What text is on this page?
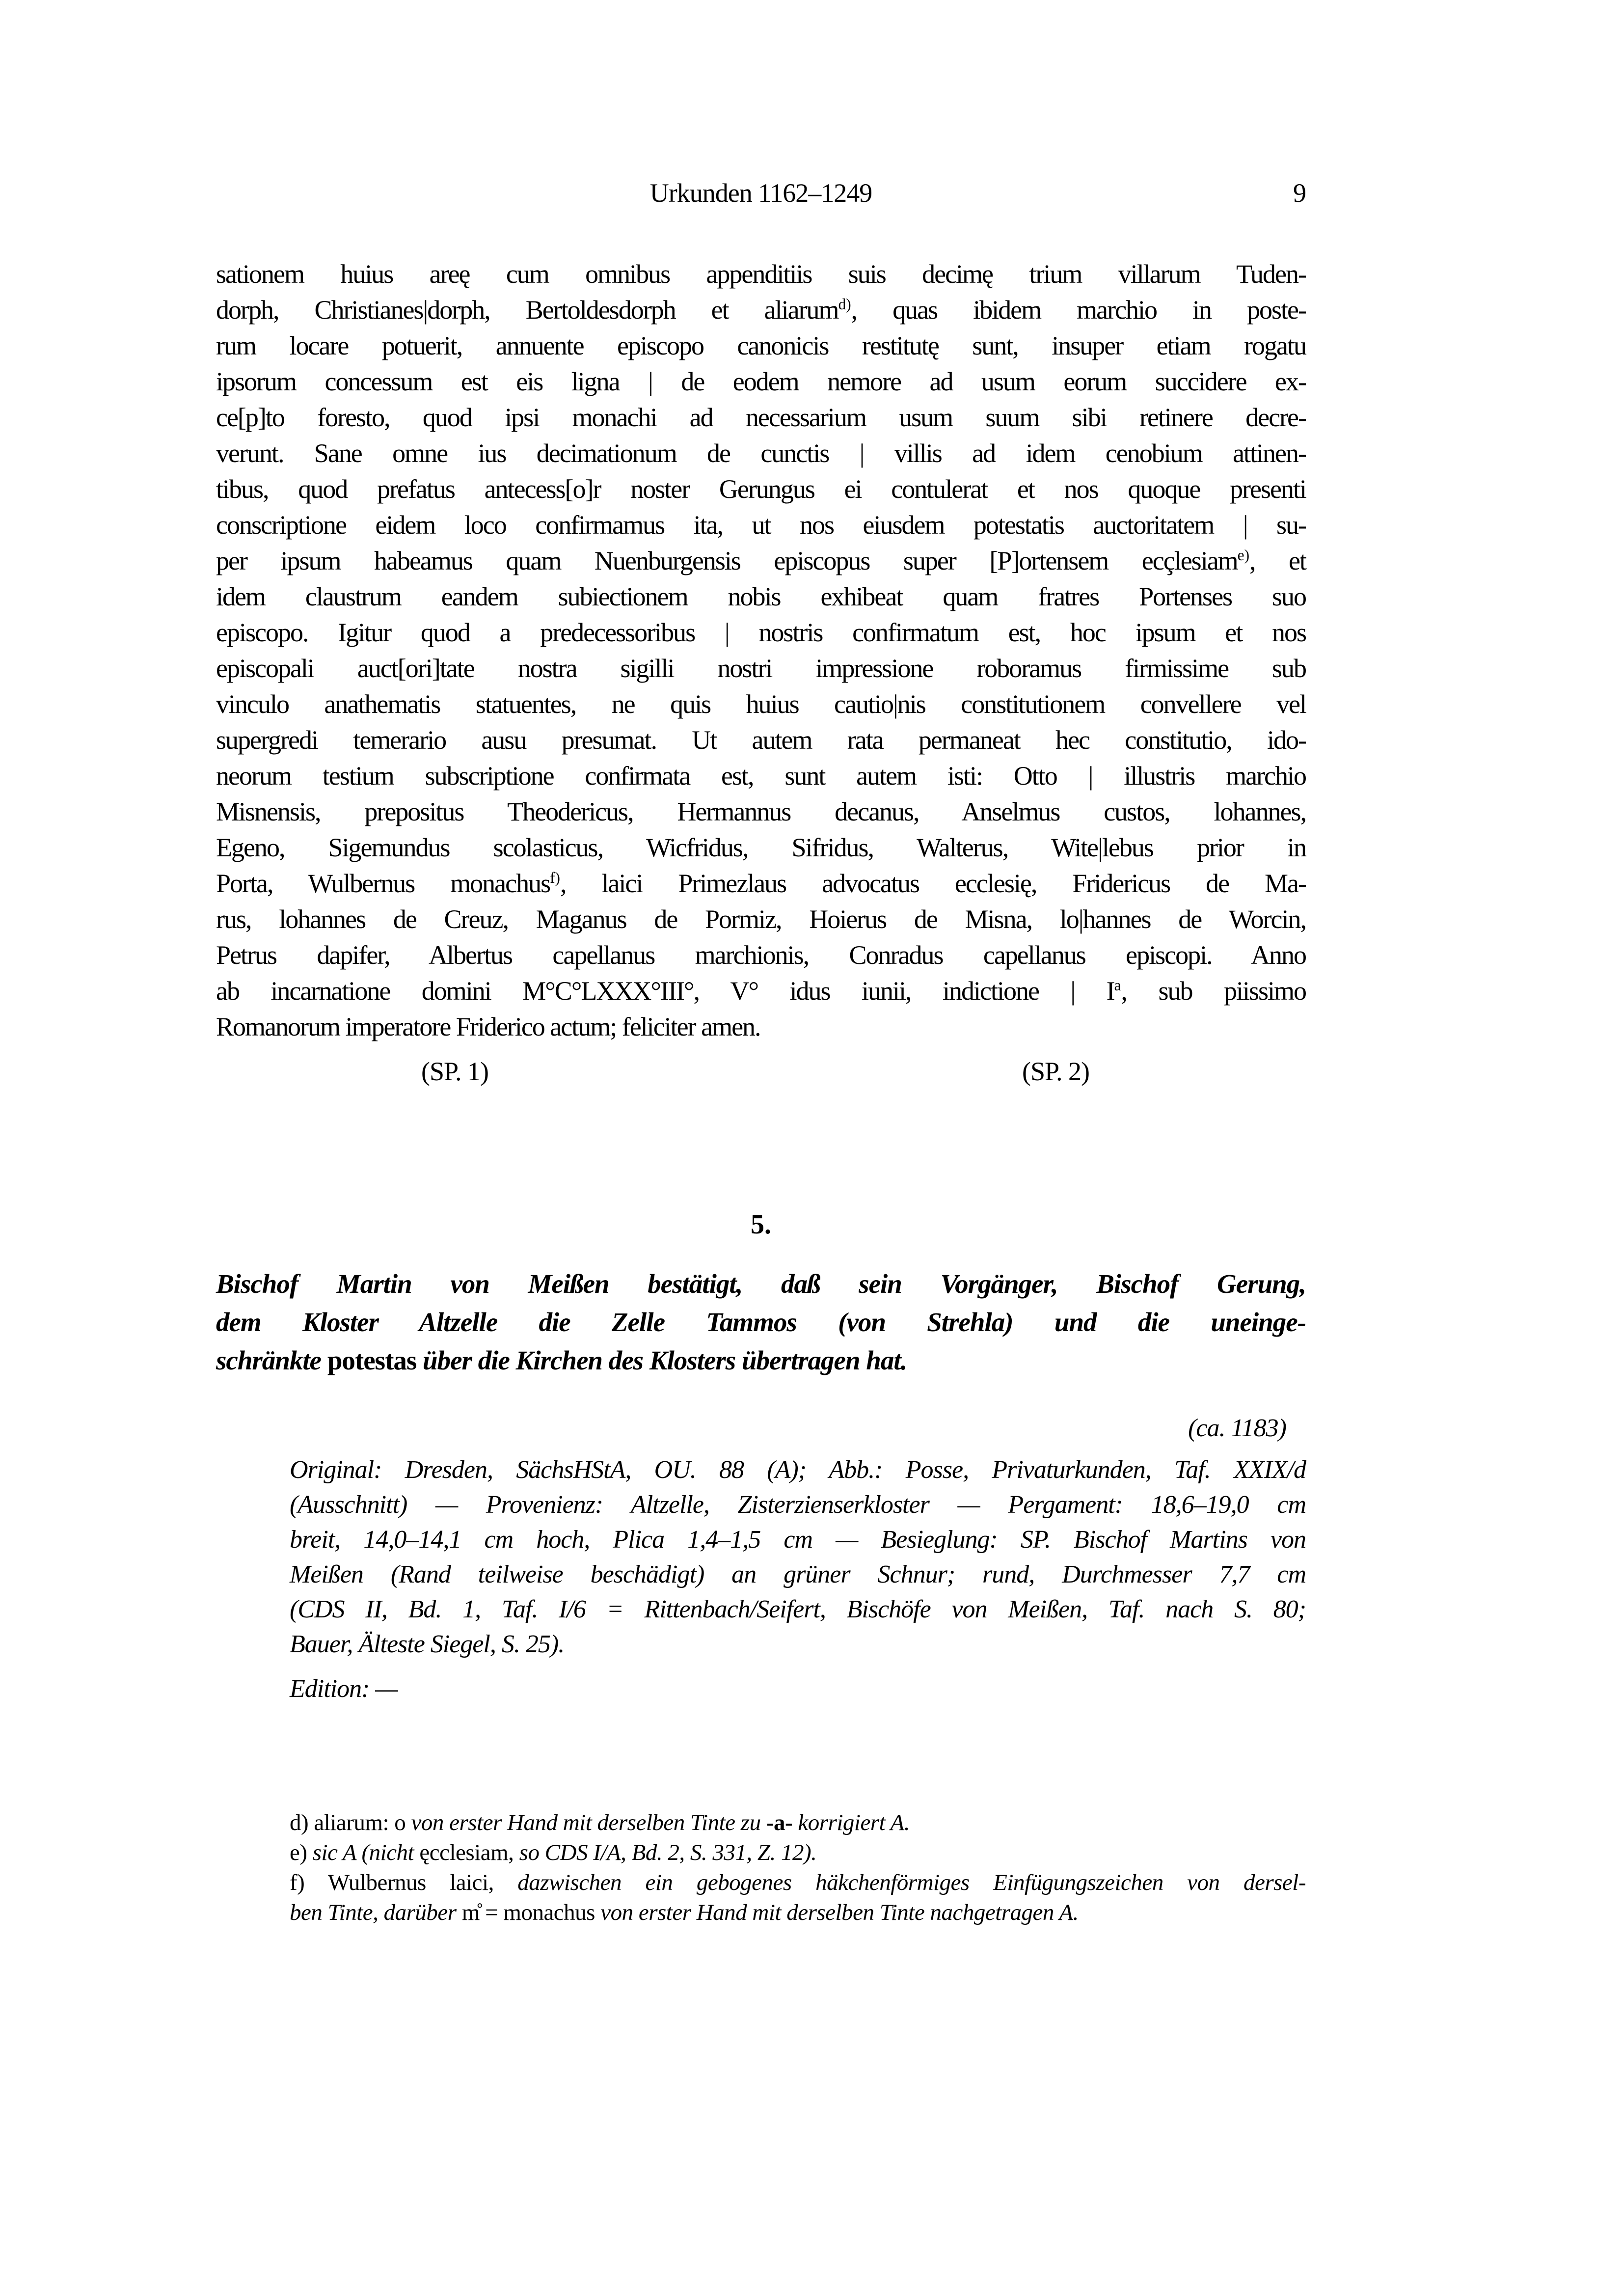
Urkunden 1162–1249	9
sationem huius areę cum omnibus appenditiis suis decimę trium villarum Tuden-
dorph, Christianes|dorph, Bertoldesdorph et aliarum$^{d)}$, quas ibidem marchio in poste-
rum locare potuerit, annuente episcopo canonicis restitutę sunt, insuper etiam rogatu
ipsorum concessum est eis ligna | de eodem nemore ad usum eorum succidere ex-
ce[p]to foresto, quod ipsi monachi ad necessarium usum suum sibi retinere decre-
verunt. Sane omne ius decimationum de cunctis | villis ad idem cenobium attinen-
tibus, quod prefatus antecess[o]r noster Gerungus ei contulerat et nos quoque presenti
conscriptione eidem loco confirmamus ita, ut nos eiusdem potestatis auctoritatem | su-
per ipsum habeamus quam Nuenburgensis episcopus super [P]ortensem ecçlesiam$^{e)}$, et
idem claustrum eandem subiectionem nobis exhibeat quam fratres Portenses suo
episcopo. Igitur quod a predecessoribus | nostris confirmatum est, hoc ipsum et nos
episcopali auct[ori]tate nostra sigilli nostri impressione roboramus firmissime sub
vinculo anathematis statuentes, ne quis huius cautio|nis constitutionem convellere vel
supergredi temerario ausu presumat. Ut autem rata permaneat hec constitutio, ido-
neorum testium subscriptione confirmata est, sunt autem isti: Otto | illustris marchio
Misnensis, prepositus Theodericus, Hermannus decanus, Anselmus custos, lohannes,
Egeno, Sigemundus scolasticus, Wicfridus, Sifridus, Walterus, Wite|lebus prior in
Porta, Wulbernus monachus$^{f)}$, laici Primezlaus advocatus ecclesię, Fridericus de Ma-
rus, lohannes de Creuz, Maganus de Pormiz, Hoierus de Misna, lo|hannes de Worcin,
Petrus dapifer, Albertus capellanus marchionis, Conradus capellanus episcopi. Anno
ab incarnatione domini M°C°LXXX°III°, V° idus iunii, indictione | $I^a$, sub piissimo
Romanorum imperatore Friderico actum; feliciter amen.
(SP. 1)	(SP. 2)
5.
Bischof Martin von Meißen bestätigt, daß sein Vorgänger, Bischof Gerung,
dem Kloster Altzelle die Zelle Tammos (von Strehla) und die uneinge-
schränkte potestas über die Kirchen des Klosters übertragen hat.
(ca. 1183)
Original: Dresden, SächsHStA, OU. 88 (A); Abb.: Posse, Privaturkunden, Taf. XXIX/d
(Ausschnitt) — Provenienz: Altzelle, Zisterzienserkloster — Pergament: 18,6–19,0 cm
breit, 14,0–14,1 cm hoch, Plica 1,4–1,5 cm — Besieglung: SP. Bischof Martins von
Meißen (Rand teilweise beschädigt) an grüner Schnur; rund, Durchmesser 7,7 cm
(CDS II, Bd. 1, Taf. I/6 = Rittenbach/Seifert, Bischöfe von Meißen, Taf. nach S. 80;
Bauer, Älteste Siegel, S. 25).
Edition: —
d) aliarum: o von erster Hand mit derselben Tinte zu -a- korrigiert A.
e) sic A (nicht ęcclesiam, so CDS I/A, Bd. 2, S. 331, Z. 12).
f) Wulbernus laici, dazwischen ein gebogenes häkchenförmiges Einfügungszeichen von dersel-
ben Tinte, darüber m̊ = monachus von erster Hand mit derselben Tinte nachgetragen A.
